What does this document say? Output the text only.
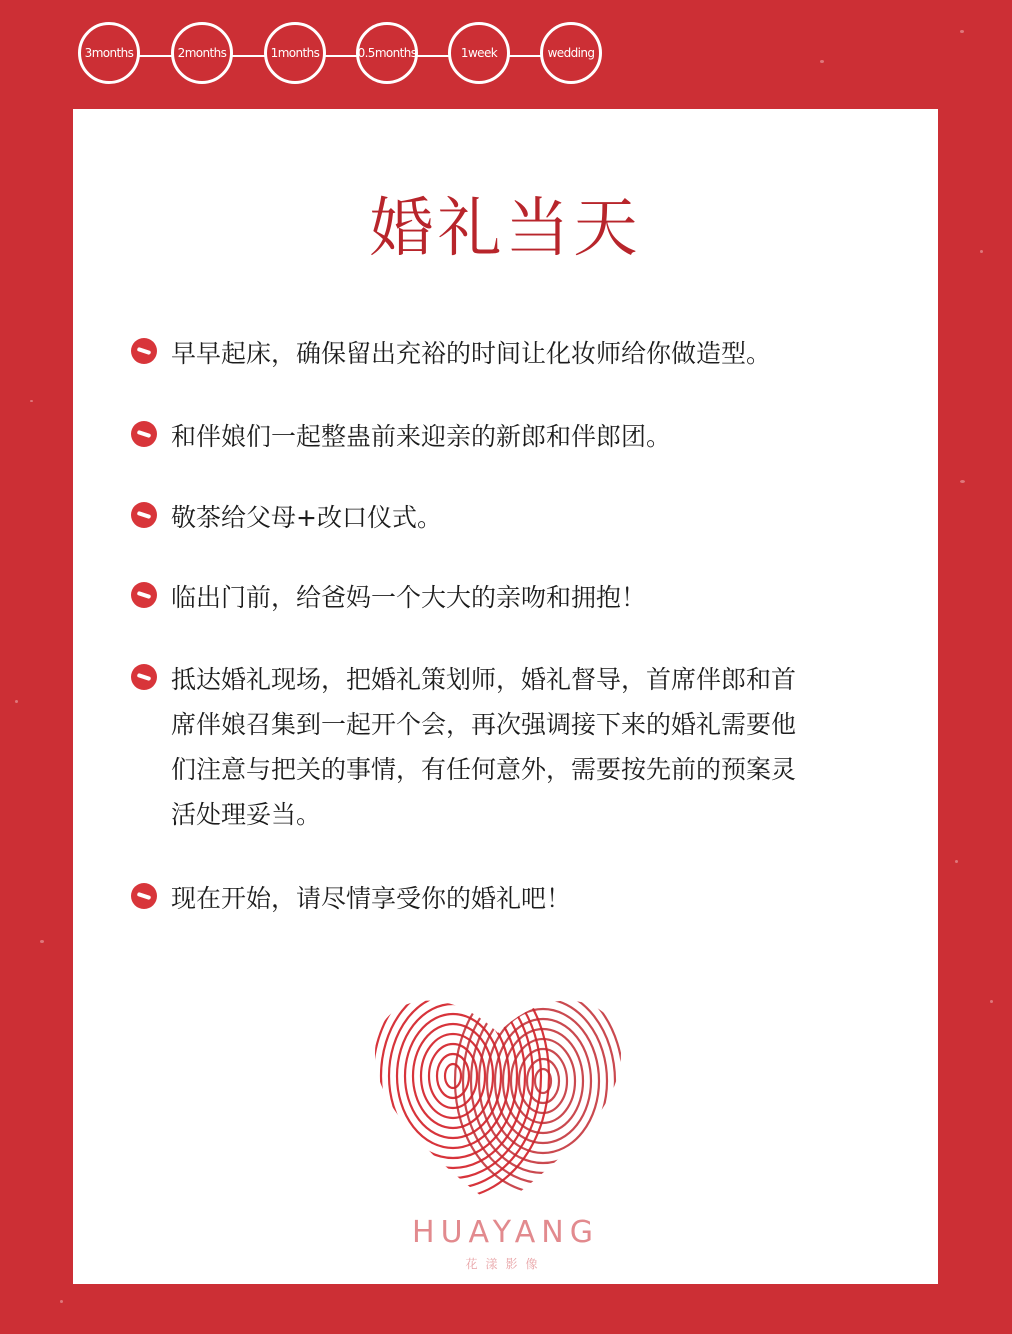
3months	2months	1months	0.5months	1week	wedding
婚礼当天
早早起床，确保留出充裕的时间让化妆师给你做造型。
和伴娘们一起整蛊前来迎亲的新郎和伴郎团。
敬茶给父母+改口仪式。
临出门前，给爸妈一个大大的亲吻和拥抱！
抵达婚礼现场，把婚礼策划师，婚礼督导，首席伴郎和首席伴娘召集到一起开个会，再次强调接下来的婚礼需要他们注意与把关的事情，有任何意外，需要按先前的预案灵活处理妥当。
现在开始，请尽情享受你的婚礼吧！
HUAYANG
花漾影像
